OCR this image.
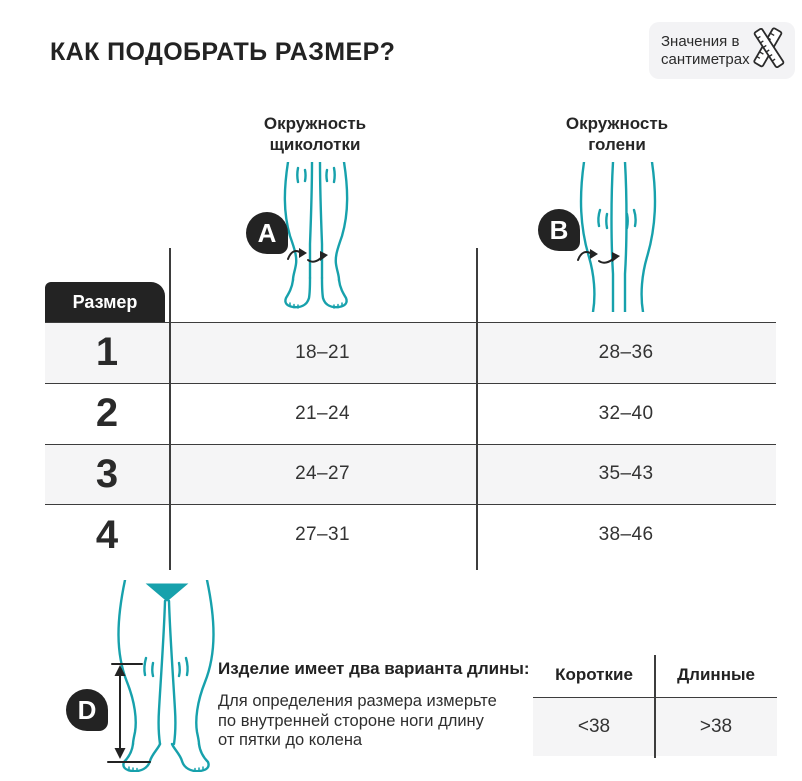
КАК ПОДОБРАТЬ РАЗМЕР?	Значения в
сантиметрах
Окружность
щиколотки
Окружность
голени
A	B
Размер
1	18–21	28–36
2	21–24	32–40
3	24–27	35–43
4	27–31	38–46
D
Изделие имеет два варианта длины:
Для определения размера измерьте
по внутренней стороне ноги длину
от пятки до колена
Короткие	Длинные
<38	>38
